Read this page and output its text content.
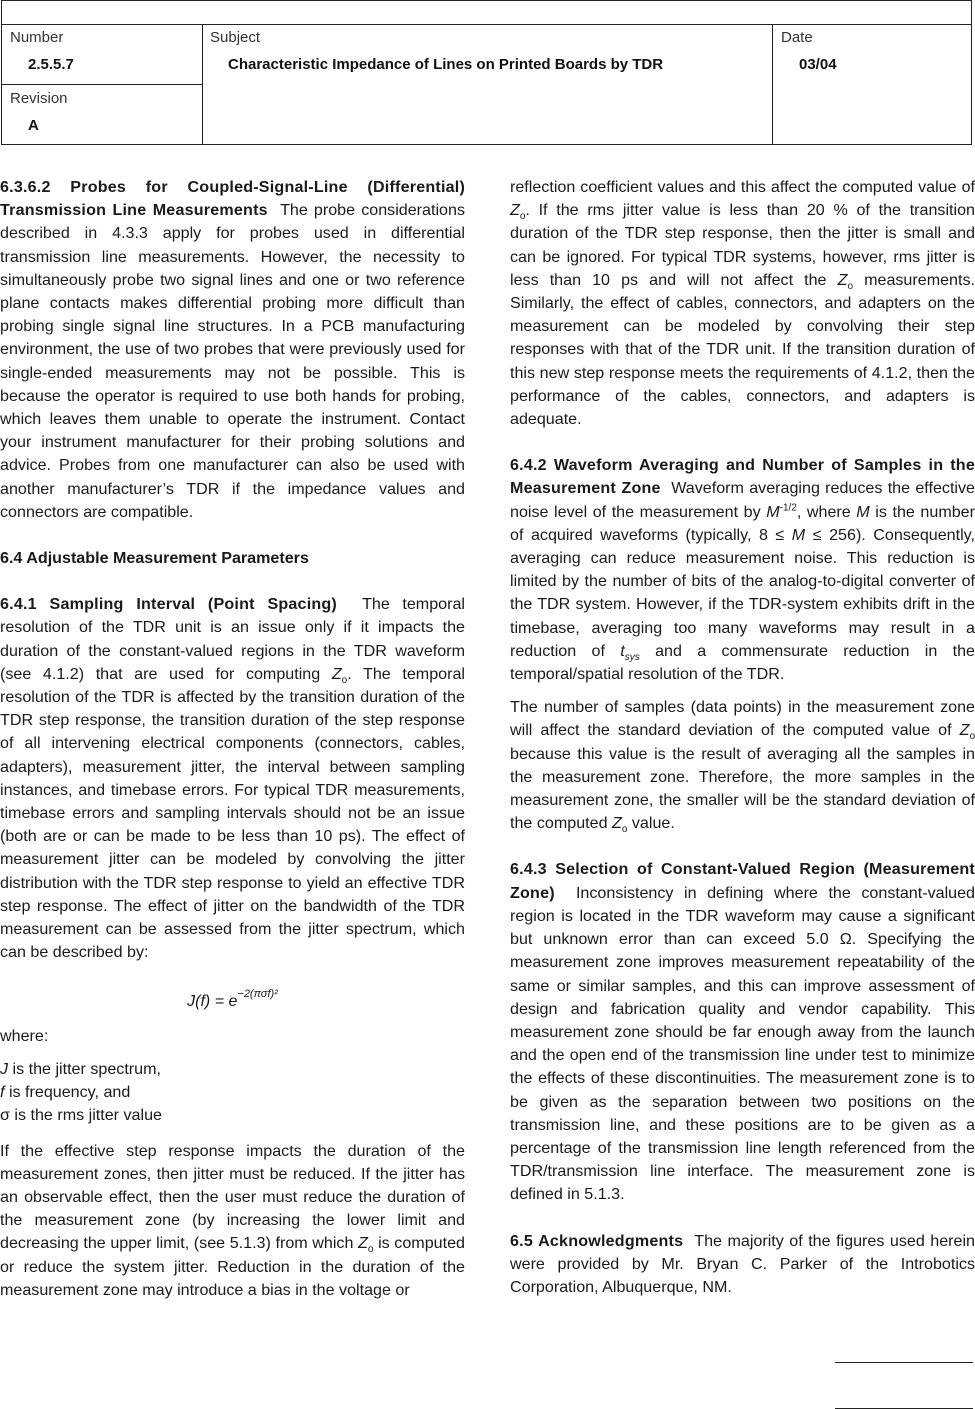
Number
2.5.5.7
Revision
A
Subject
Characteristic Impedance of Lines on Printed Boards by TDR
Date
03/04

6.3.6.2 Probes for Coupled-Signal-Line (Differential) Transmission Line Measurements The probe considerations described in 4.3.3 apply for probes used in differential transmission line measurements. However, the necessity to simultaneously probe two signal lines and one or two reference plane contacts makes differential probing more difficult than probing single signal line structures. In a PCB manufacturing environment, the use of two probes that were previously used for single-ended measurements may not be possible. This is because the operator is required to use both hands for probing, which leaves them unable to operate the instrument. Contact your instrument manufacturer for their probing solutions and advice. Probes from one manufacturer can also be used with another manufacturer’s TDR if the impedance values and connectors are compatible.

6.4 Adjustable Measurement Parameters

6.4.1 Sampling Interval (Point Spacing) The temporal resolution of the TDR unit is an issue only if it impacts the duration of the constant-valued regions in the TDR waveform (see 4.1.2) that are used for computing $Z_o$. The temporal resolution of the TDR is affected by the transition duration of the TDR step response, the transition duration of the step response of all intervening electrical components (connectors, cables, adapters), measurement jitter, the interval between sampling instances, and timebase errors. For typical TDR measurements, timebase errors and sampling intervals should not be an issue (both are or can be made to be less than 10 ps). The effect of measurement jitter can be modeled by convolving the jitter distribution with the TDR step response to yield an effective TDR step response. The effect of jitter on the bandwidth of the TDR measurement can be assessed from the jitter spectrum, which can be described by:

$J(f) = e^{-2(\pi\sigma f)^2}$
where:
J is the jitter spectrum,
f is frequency, and
σ is the rms jitter value

If the effective step response impacts the duration of the measurement zones, then jitter must be reduced. If the jitter has an observable effect, then the user must reduce the duration of the measurement zone (by increasing the lower limit and decreasing the upper limit, (see 5.1.3) from which $Z_o$ is computed or reduce the system jitter. Reduction in the duration of the measurement zone may introduce a bias in the voltage or

reflection coefficient values and this affect the computed value of $Z_o$. If the rms jitter value is less than 20 % of the transition duration of the TDR step response, then the jitter is small and can be ignored. For typical TDR systems, however, rms jitter is less than 10 ps and will not affect the $Z_o$ measurements. Similarly, the effect of cables, connectors, and adapters on the measurement can be modeled by convolving their step responses with that of the TDR unit. If the transition duration of this new step response meets the requirements of 4.1.2, then the performance of the cables, connectors, and adapters is adequate.

6.4.2 Waveform Averaging and Number of Samples in the Measurement Zone Waveform averaging reduces the effective noise level of the measurement by $M^{-1/2}$, where M is the number of acquired waveforms (typically, 8 ≤ M ≤ 256). Consequently, averaging can reduce measurement noise. This reduction is limited by the number of bits of the analog-to-digital converter of the TDR system. However, if the TDR-system exhibits drift in the timebase, averaging too many waveforms may result in a reduction of $t_{sys}$ and a commensurate reduction in the temporal/spatial resolution of the TDR.

The number of samples (data points) in the measurement zone will affect the standard deviation of the computed value of $Z_o$ because this value is the result of averaging all the samples in the measurement zone. Therefore, the more samples in the measurement zone, the smaller will be the standard deviation of the computed $Z_o$ value.

6.4.3 Selection of Constant-Valued Region (Measurement Zone) Inconsistency in defining where the constant-valued region is located in the TDR waveform may cause a significant but unknown error than can exceed 5.0 Ω. Specifying the measurement zone improves measurement repeatability of the same or similar samples, and this can improve assessment of design and fabrication quality and vendor capability. This measurement zone should be far enough away from the launch and the open end of the transmission line under test to minimize the effects of these discontinuities. The measurement zone is to be given as the separation between two positions on the transmission line, and these positions are to be given as a percentage of the transmission line length referenced from the TDR/transmission line interface. The measurement zone is defined in 5.1.3.

6.5 Acknowledgments The majority of the figures used herein were provided by Mr. Bryan C. Parker of the Introbotics Corporation, Albuquerque, NM.
